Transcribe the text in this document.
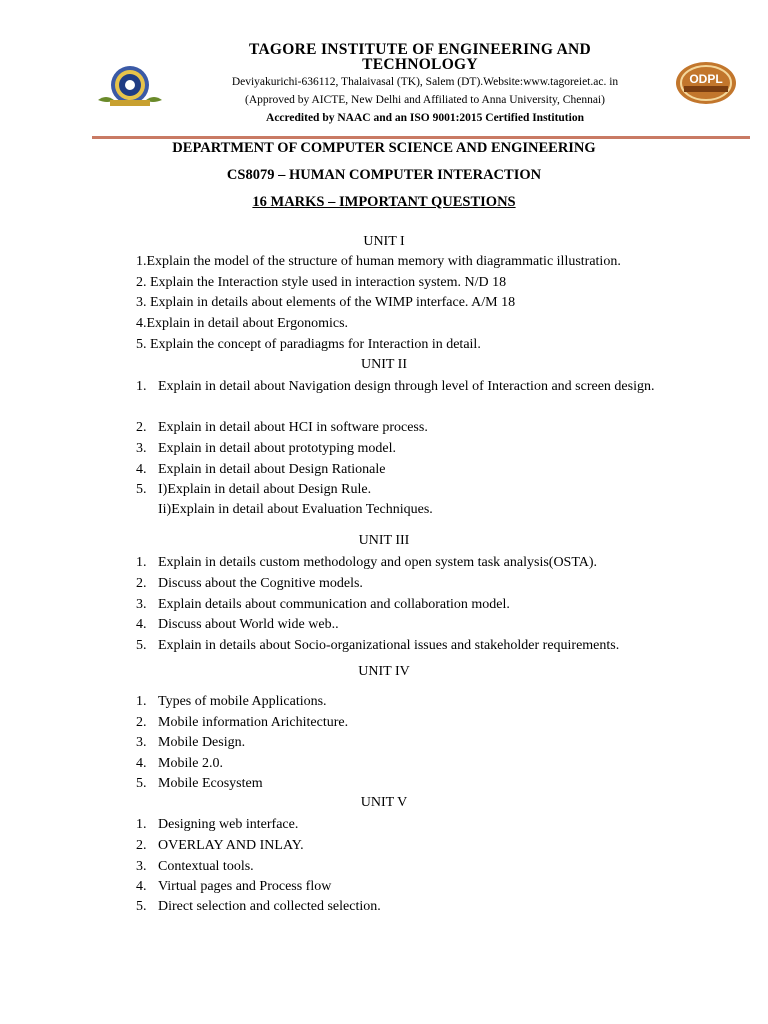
TAGORE INSTITUTE OF ENGINEERING AND TECHNOLOGY
Deviyakurichi-636112, Thalaivasal (TK), Salem (DT).Website:www.tagoreiet.ac. in
(Approved by AICTE, New Delhi and Affiliated to Anna University, Chennai)
Accredited by NAAC and an ISO 9001:2015 Certified Institution
ODPL
DEPARTMENT OF COMPUTER SCIENCE AND ENGINEERING
CS8079 – HUMAN COMPUTER INTERACTION
16 MARKS – IMPORTANT QUESTIONS
UNIT I
1.Explain the model of the structure of human memory with diagrammatic illustration.
2. Explain the Interaction style used in interaction system. N/D 18
3. Explain in details about elements of the WIMP interface. A/M 18
4.Explain in detail about Ergonomics.
5. Explain the concept of paradiagms for Interaction in detail.
UNIT II
1. Explain in detail about Navigation design through level of Interaction and screen design.
2. Explain in detail about HCI in software process.
3. Explain in detail about prototyping model.
4. Explain in detail about Design Rationale
5. I)Explain in detail about Design Rule.
Ii)Explain in detail about Evaluation Techniques.
UNIT III
1. Explain in details custom methodology and open system task analysis(OSTA).
2. Discuss about the Cognitive models.
3. Explain details about communication and collaboration model.
4. Discuss about World wide web..
5. Explain in details about Socio-organizational issues and stakeholder requirements.
UNIT IV
1. Types of mobile Applications.
2. Mobile information Arichitecture.
3. Mobile Design.
4. Mobile 2.0.
5. Mobile Ecosystem
UNIT V
1. Designing web interface.
2. OVERLAY AND INLAY.
3. Contextual tools.
4. Virtual pages and Process flow
5. Direct selection and collected selection.
